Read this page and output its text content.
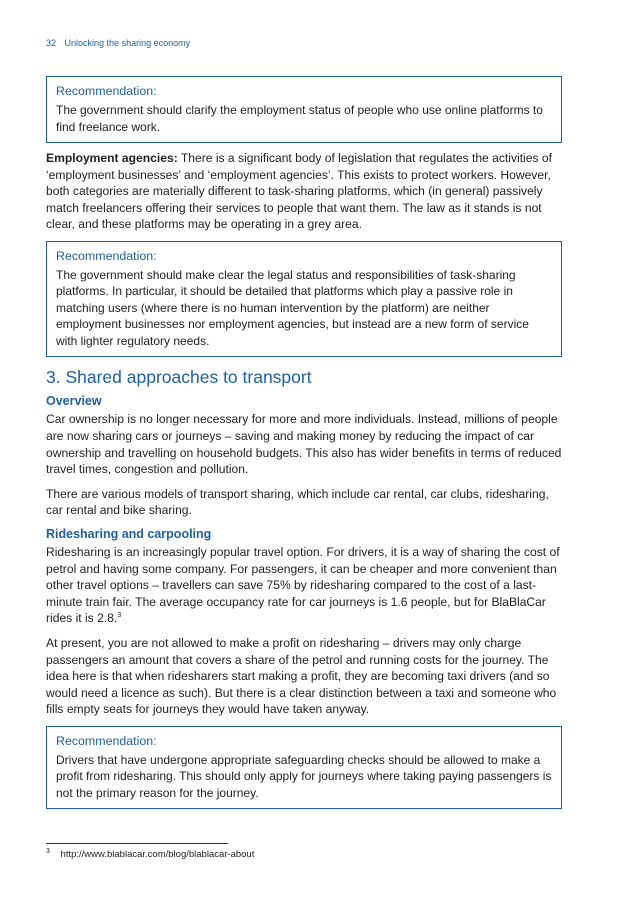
32 Unlocking the sharing economy
Recommendation:

The government should clarify the employment status of people who use online platforms to find freelance work.

Employment agencies: There is a significant body of legislation that regulates the activities of ‘employment businesses’ and ‘employment agencies’. This exists to protect workers. However, both categories are materially different to task-sharing platforms, which (in general) passively match freelancers offering their services to people that want them. The law as it stands is not clear, and these platforms may be operating in a grey area.

Recommendation:

The government should make clear the legal status and responsibilities of task-sharing platforms. In particular, it should be detailed that platforms which play a passive role in matching users (where there is no human intervention by the platform) are neither employment businesses nor employment agencies, but instead are a new form of service with lighter regulatory needs.

3. Shared approaches to transport
Overview

Car ownership is no longer necessary for more and more individuals. Instead, millions of people are now sharing cars or journeys – saving and making money by reducing the impact of car ownership and travelling on household budgets. This also has wider benefits in terms of reduced travel times, congestion and pollution.

There are various models of transport sharing, which include car rental, car clubs, ridesharing, car rental and bike sharing.

Ridesharing and carpooling

Ridesharing is an increasingly popular travel option. For drivers, it is a way of sharing the cost of petrol and having some company. For passengers, it can be cheaper and more convenient than other travel options – travellers can save 75% by ridesharing compared to the cost of a last-minute train fair. The average occupancy rate for car journeys is 1.6 people, but for BlaBlaCar rides it is 2.8.$^3$

At present, you are not allowed to make a profit on ridesharing – drivers may only charge passengers an amount that covers a share of the petrol and running costs for the journey. The idea here is that when ridesharers start making a profit, they are becoming taxi drivers (and so would need a licence as such). But there is a clear distinction between a taxi and someone who fills empty seats for journeys they would have taken anyway.

Recommendation:

Drivers that have undergone appropriate safeguarding checks should be allowed to make a profit from ridesharing. This should only apply for journeys where taking paying passengers is not the primary reason for the journey.

$^3$ http://www.blablacar.com/blog/blablacar-about
